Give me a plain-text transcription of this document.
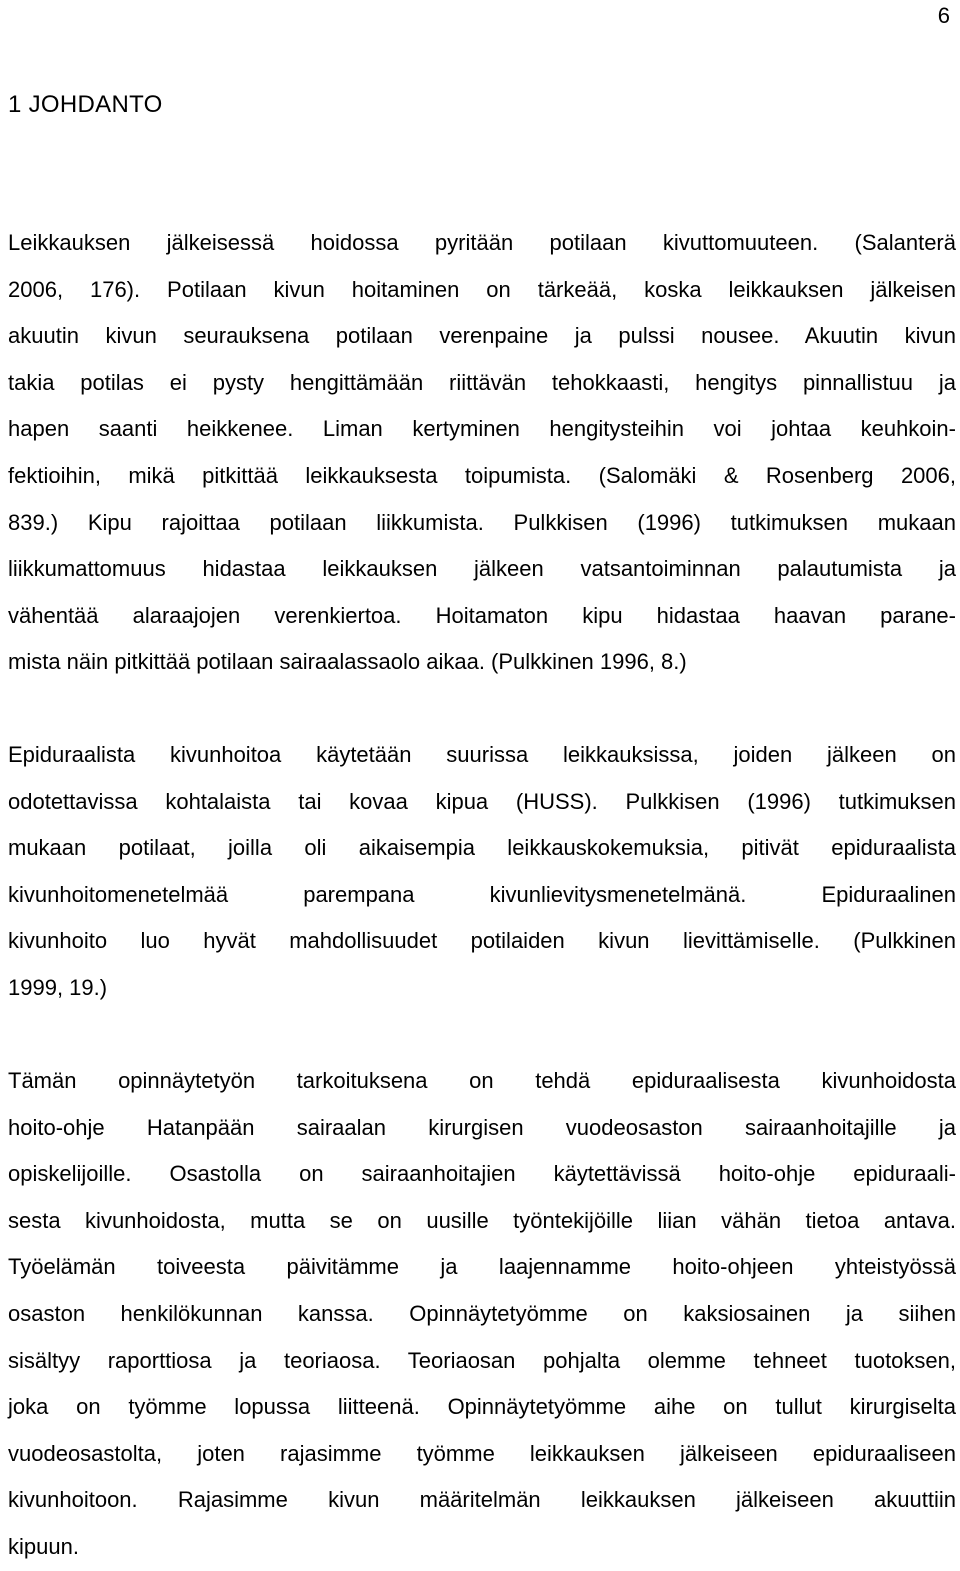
6
1 JOHDANTO

Leikkauksen jälkeisessä hoidossa pyritään potilaan kivuttomuuteen. (Salanterä
2006, 176). Potilaan kivun hoitaminen on tärkeää, koska leikkauksen jälkeisen
akuutin kivun seurauksena potilaan verenpaine ja pulssi nousee. Akuutin kivun
takia potilas ei pysty hengittämään riittävän tehokkaasti, hengitys pinnallistuu ja
hapen saanti heikkenee. Liman kertyminen hengitysteihin voi johtaa keuhkoin-
fektioihin, mikä pitkittää leikkauksesta toipumista. (Salomäki & Rosenberg 2006,
839.) Kipu rajoittaa potilaan liikkumista. Pulkkisen (1996) tutkimuksen mukaan
liikkumattomuus hidastaa leikkauksen jälkeen vatsantoiminnan palautumista ja
vähentää alaraajojen verenkiertoa. Hoitamaton kipu hidastaa haavan parane-
mista näin pitkittää potilaan sairaalassaolo aikaa. (Pulkkinen 1996, 8.)

Epiduraalista kivunhoitoa käytetään suurissa leikkauksissa, joiden jälkeen on
odotettavissa kohtalaista tai kovaa kipua (HUSS). Pulkkisen (1996) tutkimuksen
mukaan potilaat, joilla oli aikaisempia leikkauskokemuksia, pitivät epiduraalista
kivunhoitomenetelmää parempana kivunlievitysmenetelmänä. Epiduraalinen
kivunhoito luo hyvät mahdollisuudet potilaiden kivun lievittämiselle. (Pulkkinen
1999, 19.)

Tämän opinnäytetyön tarkoituksena on tehdä epiduraalisesta kivunhoidosta
hoito-ohje Hatanpään sairaalan kirurgisen vuodeosaston sairaanhoitajille ja
opiskelijoille. Osastolla on sairaanhoitajien käytettävissä hoito-ohje epiduraali-
sesta kivunhoidosta, mutta se on uusille työntekijöille liian vähän tietoa antava.
Työelämän toiveesta päivitämme ja laajennamme hoito-ohjeen yhteistyössä
osaston henkilökunnan kanssa. Opinnäytetyömme on kaksiosainen ja siihen
sisältyy raporttiosa ja teoriaosa. Teoriaosan pohjalta olemme tehneet tuotoksen,
joka on työmme lopussa liitteenä. Opinnäytetyömme aihe on tullut kirurgiselta
vuodeosastolta, joten rajasimme työmme leikkauksen jälkeiseen epiduraaliseen
kivunhoitoon. Rajasimme kivun määritelmän leikkauksen jälkeiseen akuuttiin
kipuun.
